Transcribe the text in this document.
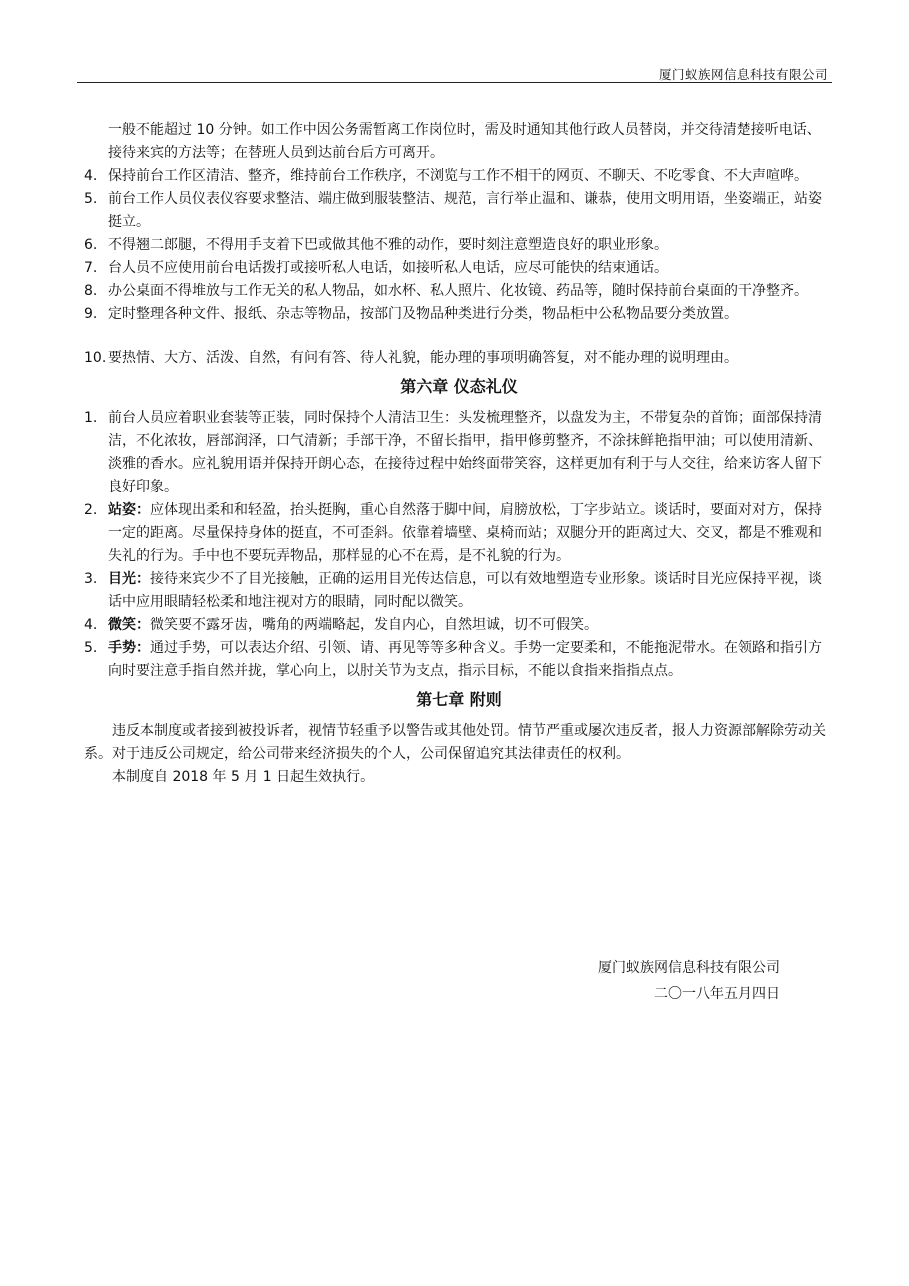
厦门蚁族网信息科技有限公司

一般不能超过 10 分钟。如工作中因公务需暂离工作岗位时，需及时通知其他行政人员替岗，并交待清楚接听电话、接待来宾的方法等；在替班人员到达前台后方可离开。

4. 保持前台工作区清洁、整齐，维持前台工作秩序，不浏览与工作不相干的网页、不聊天、不吃零食、不大声喧哗。
5. 前台工作人员仪表仪容要求整洁、端庄做到服装整洁、规范，言行举止温和、谦恭，使用文明用语，坐姿端正，站姿挺立。
6. 不得翘二郎腿，不得用手支着下巴或做其他不雅的动作，要时刻注意塑造良好的职业形象。
7. 台人员不应使用前台电话拨打或接听私人电话，如接听私人电话，应尽可能快的结束通话。
8. 办公桌面不得堆放与工作无关的私人物品，如水杯、私人照片、化妆镜、药品等，随时保持前台桌面的干净整齐。
9. 定时整理各种文件、报纸、杂志等物品，按部门及物品种类进行分类，物品柜中公私物品要分类放置。
10. 要热情、大方、活泼、自然，有问有答、待人礼貌，能办理的事项明确答复，对不能办理的说明理由。
第六章 仪态礼仪
1. 前台人员应着职业套装等正装，同时保持个人清洁卫生：头发梳理整齐，以盘发为主，不带复杂的首饰；面部保持清洁，不化浓妆，唇部润泽，口气清新；手部干净，不留长指甲，指甲修剪整齐，不涂抹鲜艳指甲油；可以使用清新、淡雅的香水。应礼貌用语并保持开朗心态，在接待过程中始终面带笑容，这样更加有利于与人交往，给来访客人留下良好印象。
2. 站姿：应体现出柔和和轻盈，抬头挺胸，重心自然落于脚中间，肩膀放松，丁字步站立。谈话时，要面对对方，保持一定的距离。尽量保持身体的挺直，不可歪斜。依靠着墙壁、桌椅而站；双腿分开的距离过大、交叉，都是不雅观和失礼的行为。手中也不要玩弄物品，那样显的心不在焉，是不礼貌的行为。
3. 目光：接待来宾少不了目光接触，正确的运用目光传达信息，可以有效地塑造专业形象。谈话时目光应保持平视，谈话中应用眼睛轻松柔和地注视对方的眼睛，同时配以微笑。
4. 微笑：微笑要不露牙齿，嘴角的两端略起，发自内心，自然坦诚，切不可假笑。
5. 手势：通过手势，可以表达介绍、引领、请、再见等等多种含义。手势一定要柔和，不能拖泥带水。在领路和指引方向时要注意手指自然并拢，掌心向上，以肘关节为支点，指示目标，不能以食指来指指点点。
第七章 附则

违反本制度或者接到被投诉者，视情节轻重予以警告或其他处罚。情节严重或屡次违反者，报人力资源部解除劳动关系。对于违反公司规定，给公司带来经济损失的个人，公司保留追究其法律责任的权利。

本制度自 2018 年 5 月 1 日起生效执行。

厦门蚁族网信息科技有限公司
二〇一八年五月四日
